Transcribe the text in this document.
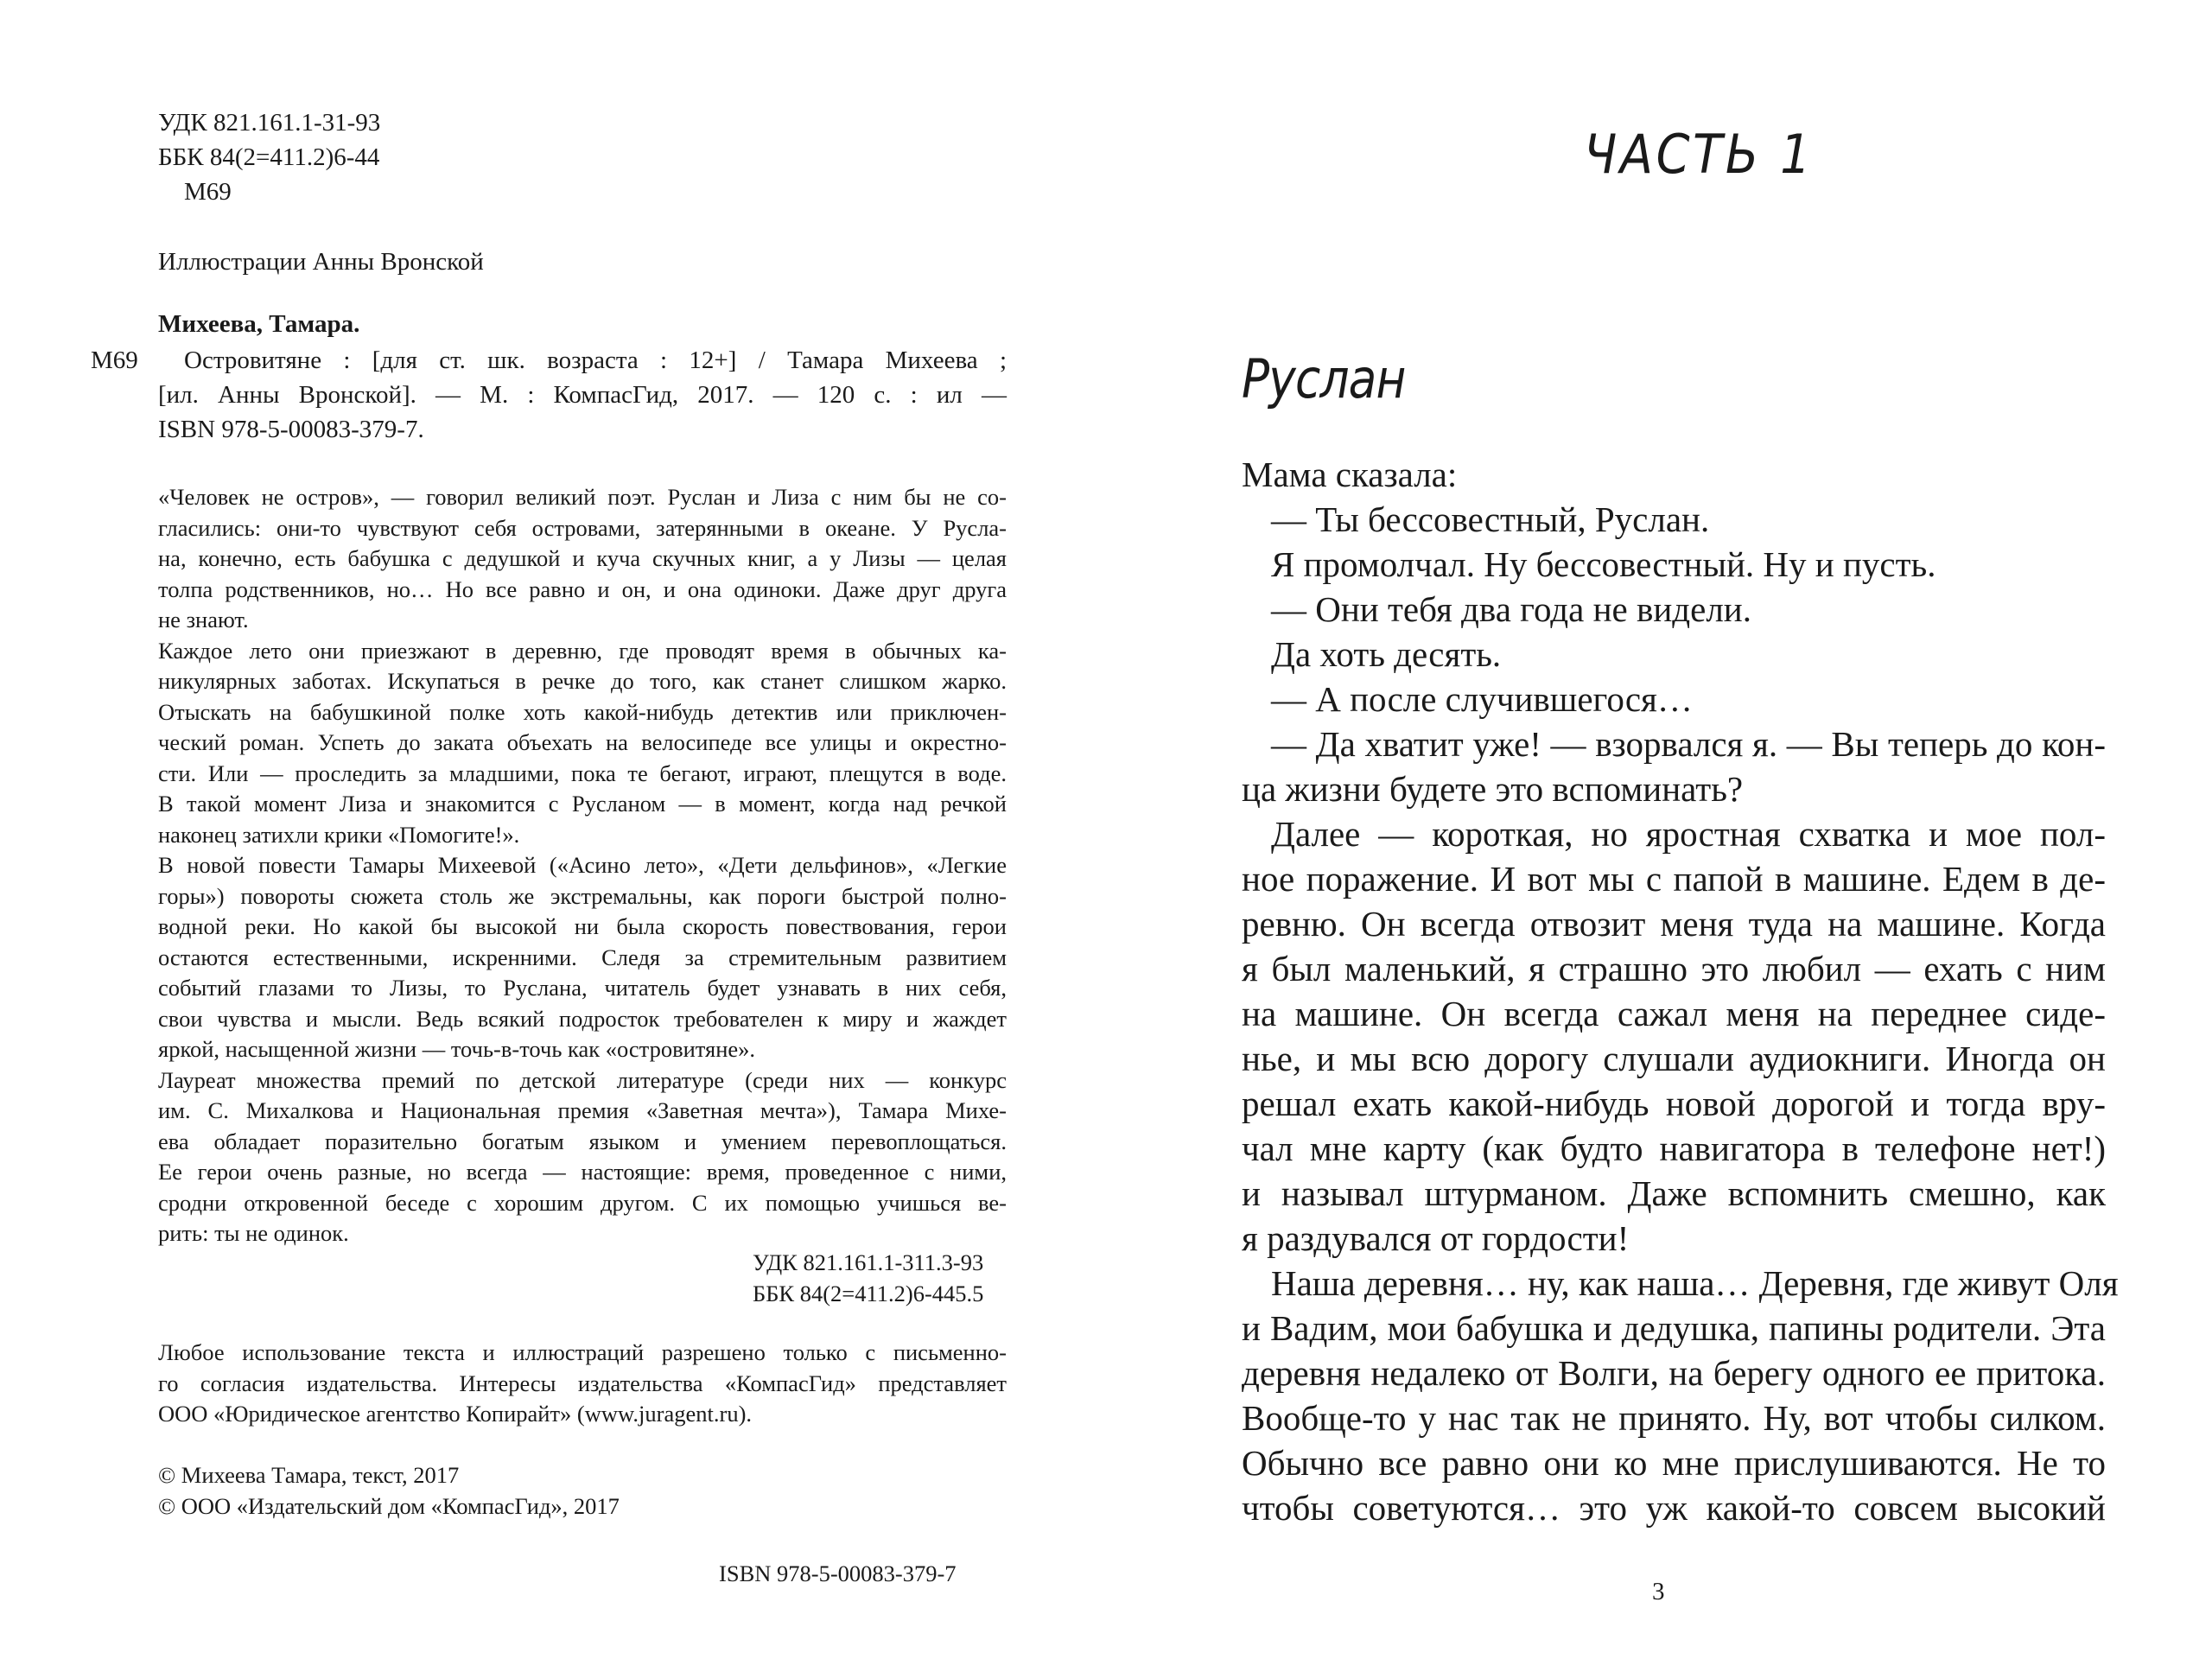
УДК 821.161.1-31-93
ББК 84(2=411.2)6-44
М69
Иллюстрации Анны Вронской
Михеева, Тамара.
М69	Островитяне : [для ст. шк. возраста : 12+] / Тамара Михеева ;
[ил. Анны Вронской]. — М. : КомпасГид, 2017. — 120 с. : ил —
ISBN 978-5-00083-379-7.
«Человек не остров», — говорил великий поэт. Руслан и Лиза с ним бы не со-
гласились: они-то чувствуют себя островами, затерянными в океане. У Русла-
на, конечно, есть бабушка с дедушкой и куча скучных книг, а у Лизы — целая
толпа родственников, но… Но все равно и он, и она одиноки. Даже друг друга
не знают.
Каждое лето они приезжают в деревню, где проводят время в обычных ка-
никулярных заботах. Искупаться в речке до того, как станет слишком жарко.
Отыскать на бабушкиной полке хоть какой-нибудь детектив или приключен-
ческий роман. Успеть до заката объехать на велосипеде все улицы и окрестно-
сти. Или — проследить за младшими, пока те бегают, играют, плещутся в воде.
В такой момент Лиза и знакомится с Русланом — в момент, когда над речкой
наконец затихли крики «Помогите!».
В новой повести Тамары Михеевой («Асино лето», «Дети дельфинов», «Легкие
горы») повороты сюжета столь же экстремальны, как пороги быстрой полно-
водной реки. Но какой бы высокой ни была скорость повествования, герои
остаются естественными, искренними. Следя за стремительным развитием
событий глазами то Лизы, то Руслана, читатель будет узнавать в них себя,
свои чувства и мысли. Ведь всякий подросток требователен к миру и жаждет
яркой, насыщенной жизни — точь-в-точь как «островитяне».
Лауреат множества премий по детской литературе (среди них — конкурс
им. С. Михалкова и Национальная премия «Заветная мечта»), Тамара Михе-
ева обладает поразительно богатым языком и умением перевоплощаться.
Ее герои очень разные, но всегда — настоящие: время, проведенное с ними,
сродни откровенной беседе с хорошим другом. С их помощью учишься ве-
рить: ты не одинок.
УДК 821.161.1-311.3-93
ББК 84(2=411.2)6-445.5
Любое использование текста и иллюстраций разрешено только с письменно-
го согласия издательства. Интересы издательства «КомпасГид» представляет
ООО «Юридическое агентство Копирайт» (www.juragent.ru).
© Михеева Тамара, текст, 2017
© ООО «Издательский дом «КомпасГид», 2017
ISBN 978-5-00083-379-7
ЧАСТЬ 1
Руслан
Мама сказала:
— Ты бессовестный, Руслан.
Я промолчал. Ну бессовестный. Ну и пусть.
— Они тебя два года не видели.
Да хоть десять.
— А после случившегося…
— Да хватит уже! — взорвался я. — Вы теперь до кон-
ца жизни будете это вспоминать?
Далее — короткая, но яростная схватка и мое пол-
ное поражение. И вот мы с папой в машине. Едем в де-
ревню. Он всегда отвозит меня туда на машине. Когда
я был маленький, я страшно это любил — ехать с ним
на машине. Он всегда сажал меня на переднее сиде-
нье, и мы всю дорогу слушали аудиокниги. Иногда он
решал ехать какой-нибудь новой дорогой и тогда вру-
чал мне карту (как будто навигатора в телефоне нет!)
и называл штурманом. Даже вспомнить смешно, как
я раздувался от гордости!
Наша деревня… ну, как наша… Деревня, где живут Оля
и Вадим, мои бабушка и дедушка, папины родители. Эта
деревня недалеко от Волги, на берегу одного ее притока.
Вообще-то у нас так не принято. Ну, вот чтобы силком.
Обычно все равно они ко мне прислушиваются. Не то
чтобы советуются… это уж какой-то совсем высокий
3
